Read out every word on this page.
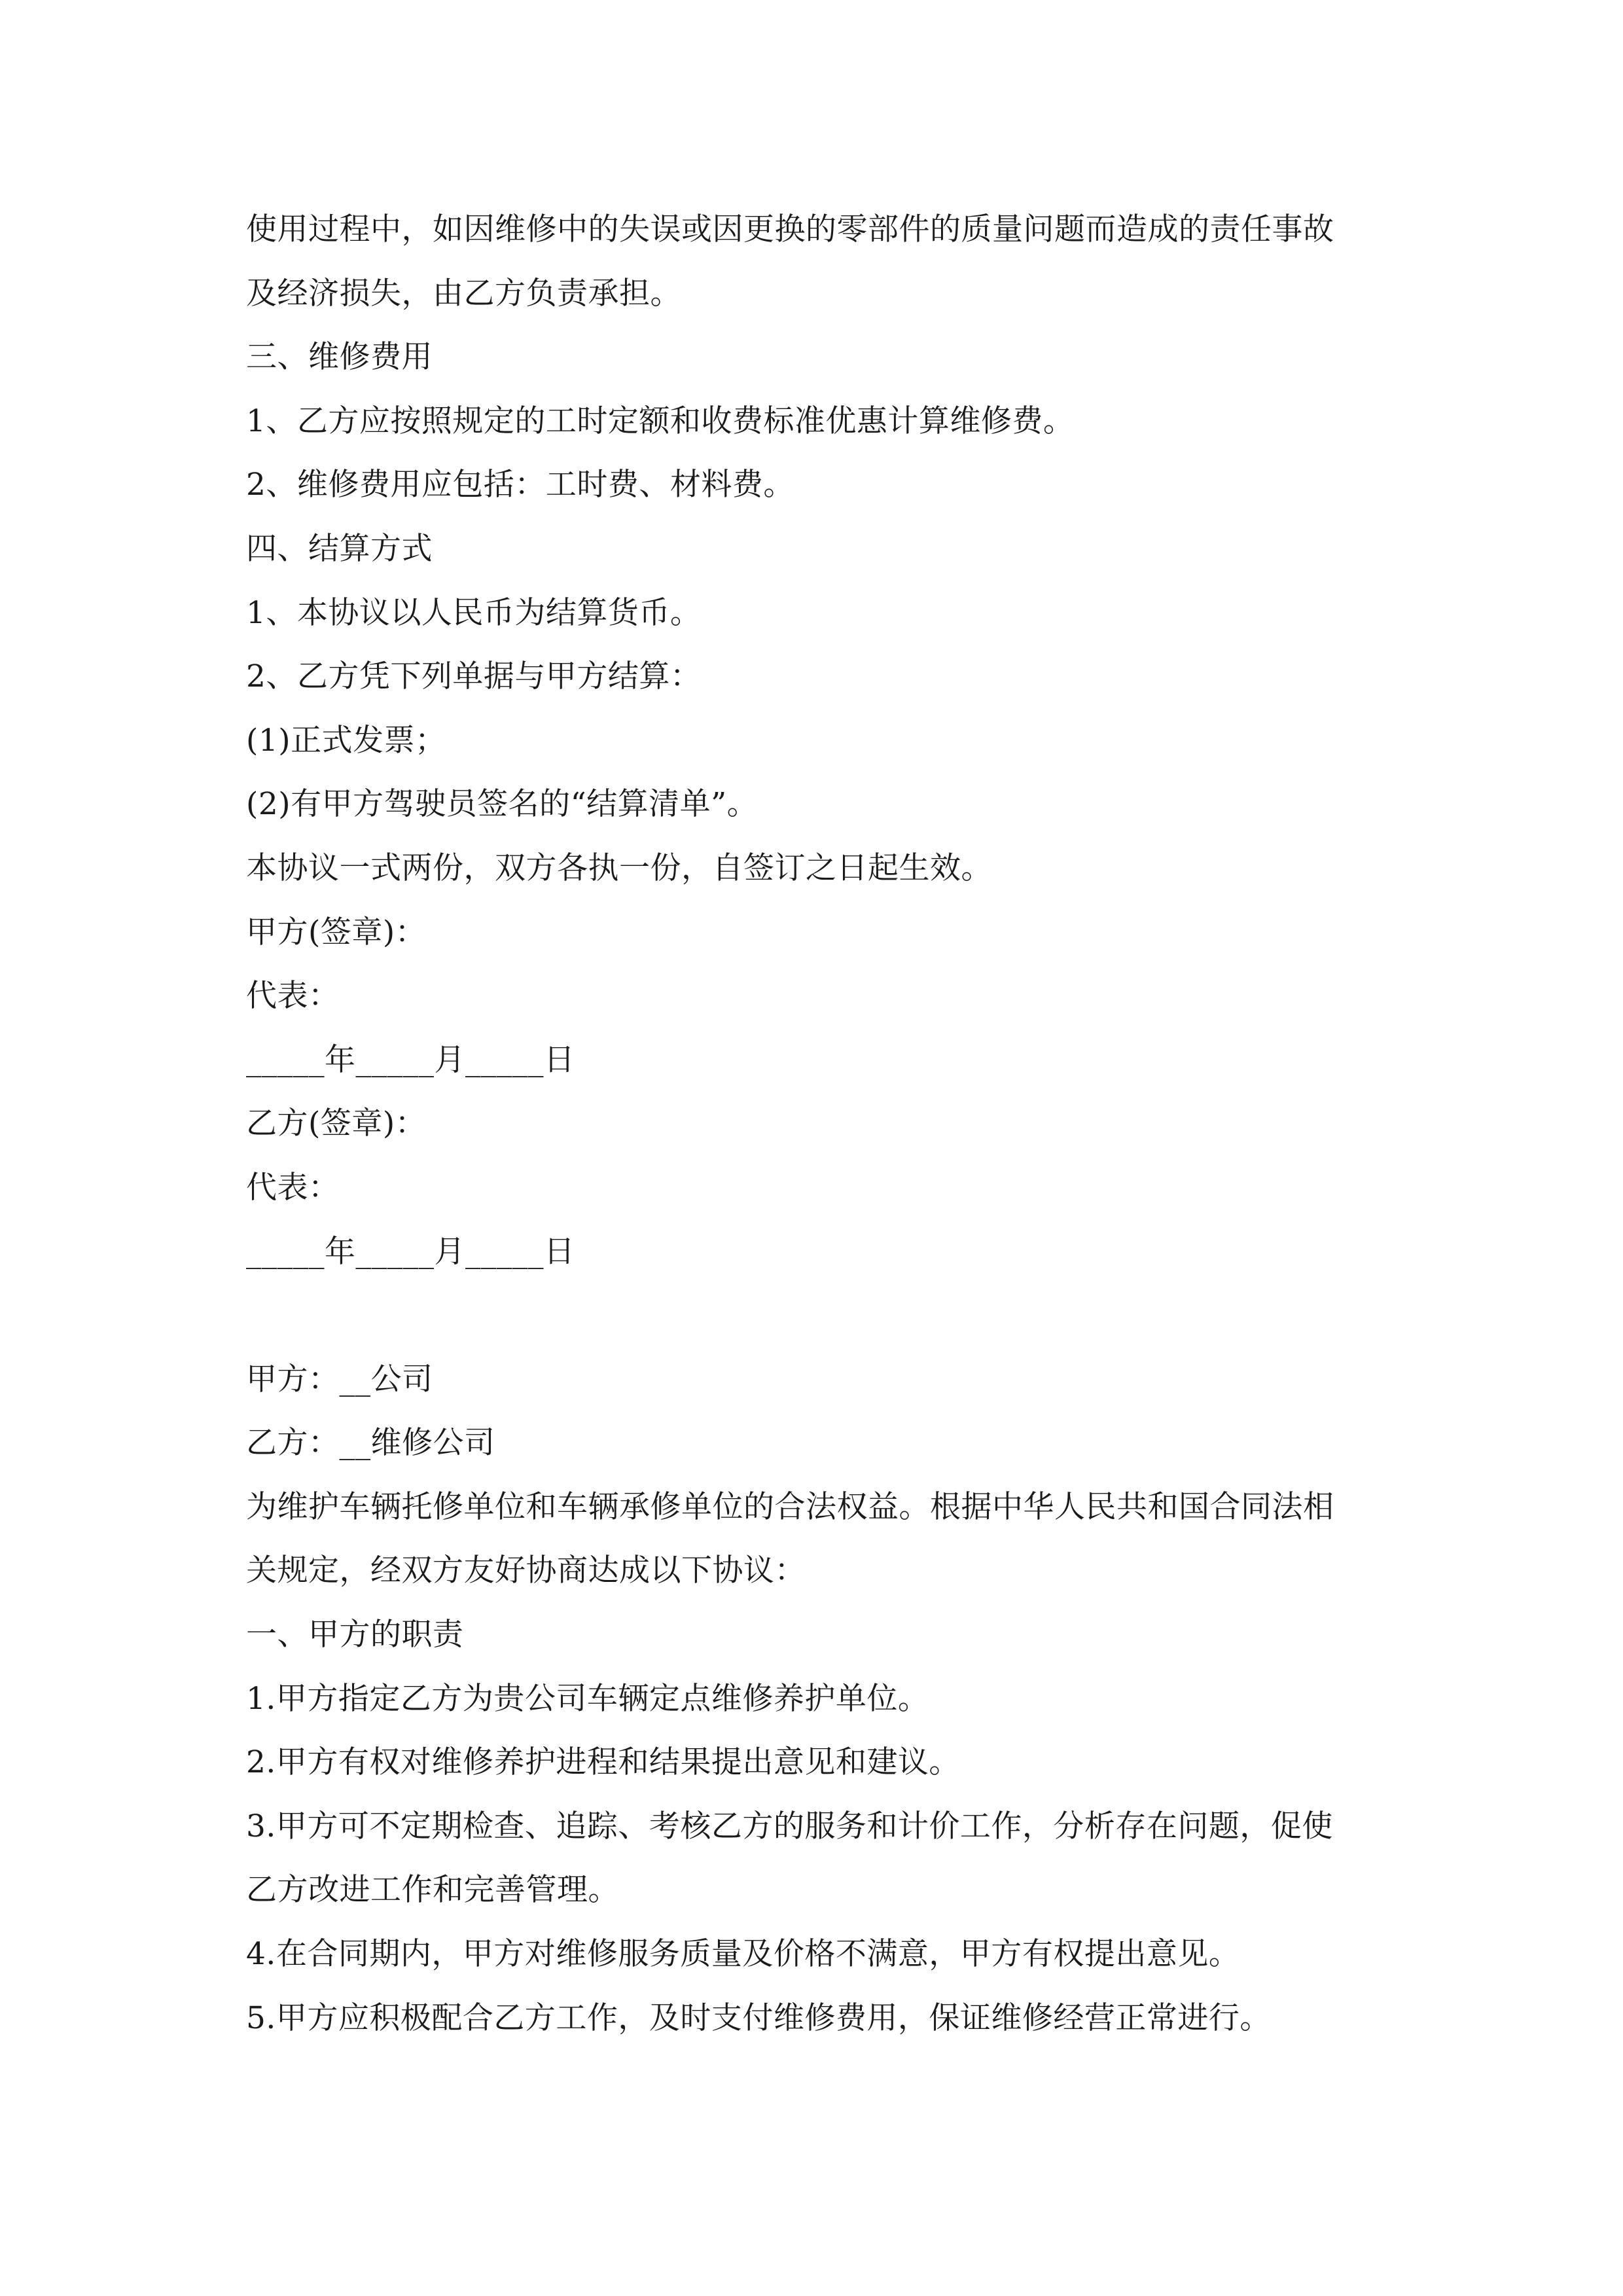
使用过程中，如因维修中的失误或因更换的零部件的质量问题而造成的责任事故
及经济损失，由乙方负责承担。
三、维修费用
1、乙方应按照规定的工时定额和收费标准优惠计算维修费。
2、维修费用应包括：工时费、材料费。
四、结算方式
1、本协议以人民币为结算货币。
2、乙方凭下列单据与甲方结算：
(1)正式发票；
(2)有甲方驾驶员签名的“结算清单”。
本协议一式两份，双方各执一份，自签订之日起生效。
甲方(签章)：
代表：
_____年_____月_____日
乙方(签章)：
代表：
_____年_____月_____日
甲方：__公司
乙方：__维修公司
为维护车辆托修单位和车辆承修单位的合法权益。根据中华人民共和国合同法相
关规定，经双方友好协商达成以下协议：
一、甲方的职责
1.甲方指定乙方为贵公司车辆定点维修养护单位。
2.甲方有权对维修养护进程和结果提出意见和建议。
3.甲方可不定期检查、追踪、考核乙方的服务和计价工作，分析存在问题，促使
乙方改进工作和完善管理。
4.在合同期内，甲方对维修服务质量及价格不满意，甲方有权提出意见。
5.甲方应积极配合乙方工作，及时支付维修费用，保证维修经营正常进行。
